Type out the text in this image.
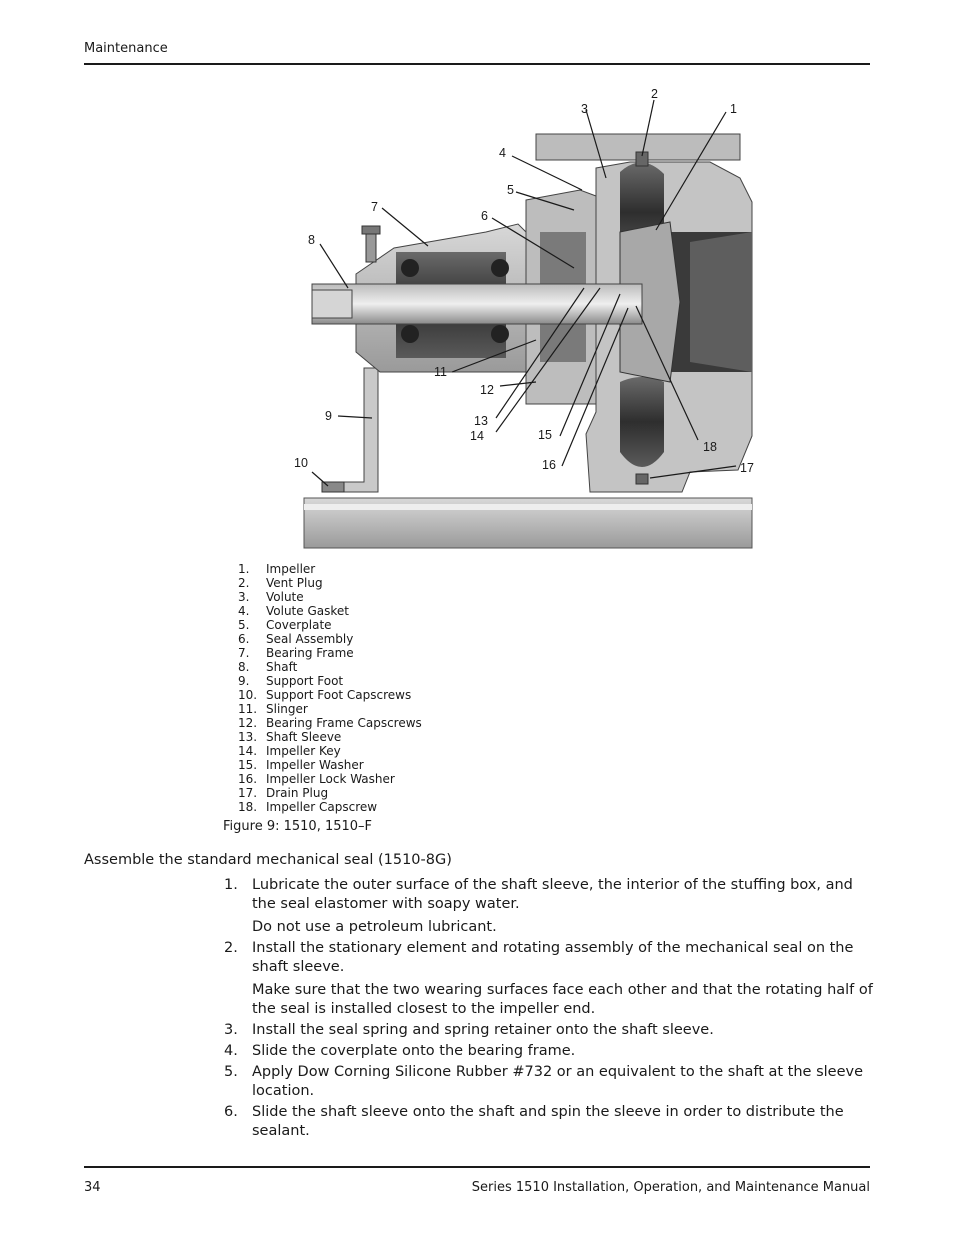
Maintenance
1
2
3
4
5
6
7
8
9
10
11
12
13
14	15
16	17
18
1.	Impeller
2.	Vent Plug
3.	Volute
4.	Volute Gasket
5.	Coverplate
6.	Seal Assembly
7.	Bearing Frame
8.	Shaft
9.	Support Foot
10. Support Foot Capscrews
11. Slinger
12. Bearing Frame Capscrews
13. Shaft Sleeve
14. Impeller Key
15. Impeller Washer
16. Impeller Lock Washer
17. Drain Plug
18. Impeller Capscrew
Figure 9: 1510, 1510–F
Assemble the standard mechanical seal (1510-8G)
1. Lubricate the outer surface of the shaft sleeve, the interior of the stuffing box, and the seal elastomer with soapy water.
Do not use a petroleum lubricant.
2. Install the stationary element and rotating assembly of the mechanical seal on the shaft sleeve.
Make sure that the two wearing surfaces face each other and that the rotating half of the seal is installed closest to the impeller end.
3. Install the seal spring and spring retainer onto the shaft sleeve.
4. Slide the coverplate onto the bearing frame.
5. Apply Dow Corning Silicone Rubber #732 or an equivalent to the shaft at the sleeve location.
6. Slide the shaft sleeve onto the shaft and spin the sleeve in order to distribute the sealant.
34	Series 1510 Installation, Operation, and Maintenance Manual
